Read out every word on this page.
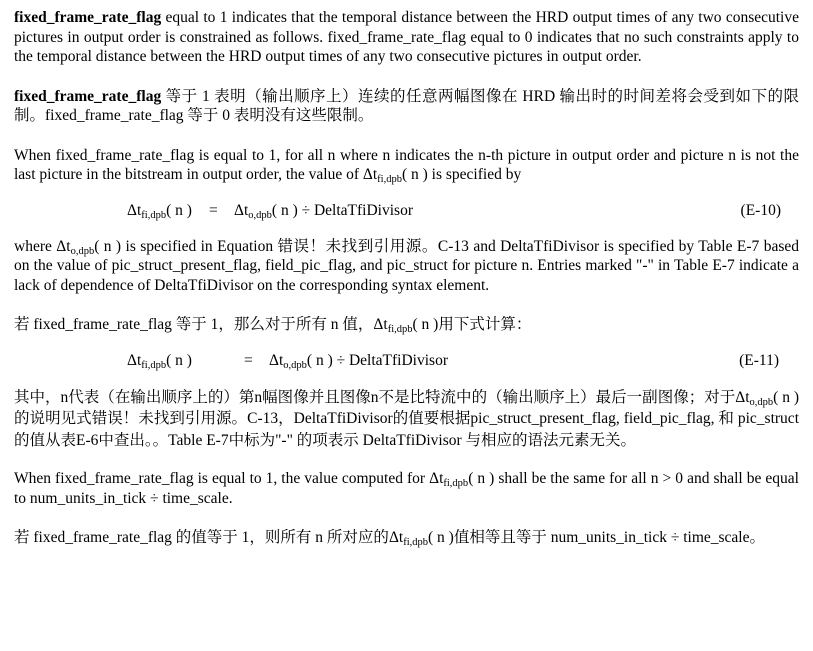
fixed_frame_rate_flag equal to 1 indicates that the temporal distance between the HRD output times of any two consecutive pictures in output order is constrained as follows. fixed_frame_rate_flag equal to 0 indicates that no such constraints apply to the temporal distance between the HRD output times of any two consecutive pictures in output order.

fixed_frame_rate_flag 等于 1 表明（输出顺序上）连续的任意两幅图像在 HRD 输出时的时间差将会受到如下的限制。fixed_frame_rate_flag 等于 0 表明没有这些限制。

When fixed_frame_rate_flag is equal to 1, for all n where n indicates the n-th picture in output order and picture n is not the last picture in the bitstream in output order, the value of $\Delta t_{fi,dpb}$( n ) is specified by

$\Delta t_{fi,dpb}$( n ) = $\Delta t_{o,dpb}$( n ) ÷ DeltaTfiDivisor	(E-10)

where $\Delta t_{o,dpb}$( n ) is specified in Equation 错误！未找到引用源。C-13 and DeltaTfiDivisor is specified by Table E-7 based on the value of pic_struct_present_flag, field_pic_flag, and pic_struct for picture n. Entries marked "-" in Table E-7 indicate a lack of dependence of DeltaTfiDivisor on the corresponding syntax element.

若 fixed_frame_rate_flag 等于 1，那么对于所有 n 值，$\Delta t_{fi,dpb}$( n )用下式计算：

$\Delta t_{fi,dpb}$( n )	= $\Delta t_{o,dpb}$( n ) ÷ DeltaTfiDivisor	(E-11)

其中，n代表（在输出顺序上的）第n幅图像并且图像n不是比特流中的（输出顺序上）最后一副图像；对于$\Delta t_{o,dpb}$( n )的说明见式错误！未找到引用源。C-13，DeltaTfiDivisor的值要根据pic_struct_present_flag, field_pic_flag, 和 pic_struct的值从表E-6中查出。。Table E-7中标为"-" 的项表示 DeltaTfiDivisor 与相应的语法元素无关。

When fixed_frame_rate_flag is equal to 1, the value computed for $\Delta t_{fi,dpb}$( n ) shall be the same for all n > 0 and shall be equal to num_units_in_tick ÷ time_scale.

若 fixed_frame_rate_flag 的值等于 1，则所有 n 所对应的$\Delta t_{fi,dpb}$( n )值相等且等于 num_units_in_tick ÷ time_scale。
